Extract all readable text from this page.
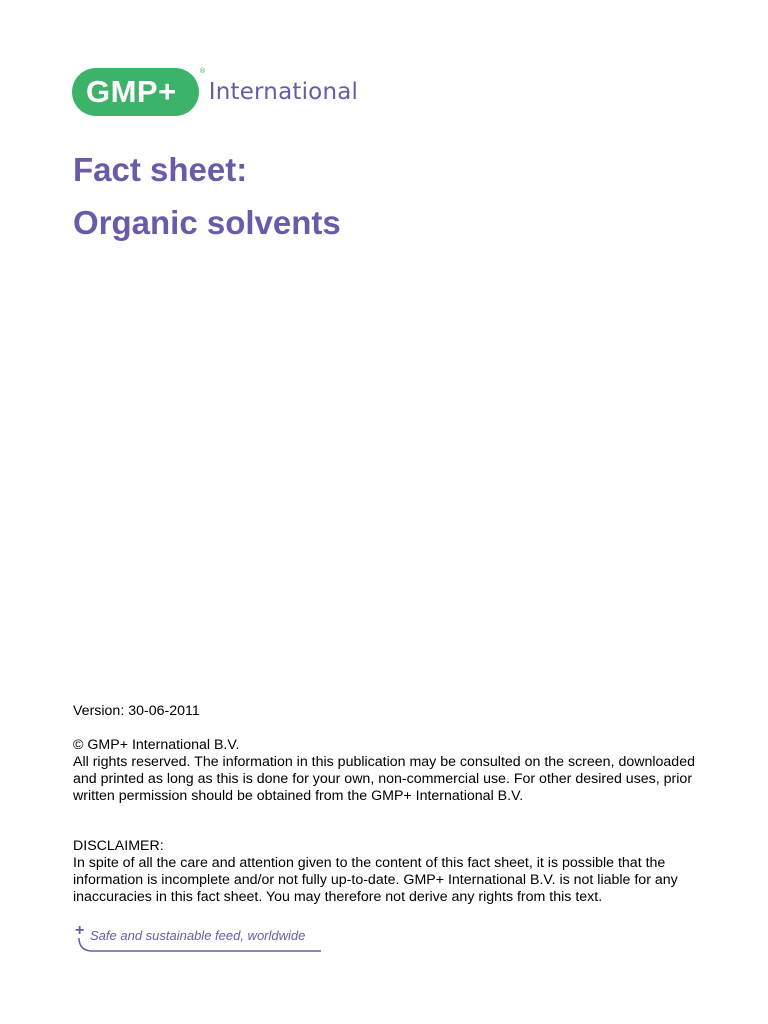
GMP+ International
®
Fact sheet:
Organic solvents
Version: 30-06-2011

© GMP+ International B.V.

All rights reserved. The information in this publication may be consulted on the screen, downloaded and printed as long as this is done for your own, non-commercial use. For other desired uses, prior written permission should be obtained from the GMP+ International B.V.

DISCLAIMER:

In spite of all the care and attention given to the content of this fact sheet, it is possible that the information is incomplete and/or not fully up-to-date. GMP+ International B.V. is not liable for any inaccuracies in this fact sheet. You may therefore not derive any rights from this text.

+ Safe and sustainable feed, worldwide
